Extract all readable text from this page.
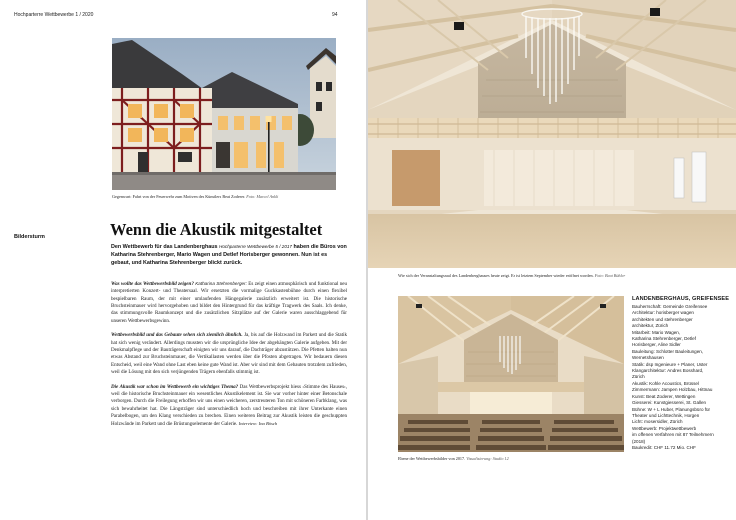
Hochparterre Wettbewerbe 1 / 2020	94
Gegenwart: Fahrt von der Feuerwehr zum Motiven des Künstlers Beat Zoderer. Foto: Marcel Ankli
Bildersturm	Wenn die Akustik mitgestaltet
Den Wettbewerb für das Landenberghaus Hochparterre Wettbewerbe 5 / 2017 haben die Büros von Katharina Stehrenberger, Mario Wagen und Detlef Horisberger gewonnen. Nun ist es gebaut, und Katharina Stehrenberger blickt zurück.

Was wollte das Wettbewerbsbild zeigen? Katharina Stehrenberger: Es zeigt einen atmosphärisch und funktional neu interpretierten Konzert- und Theatersaal. Wir ersetzten die vormalige Guckkastenbühne durch einen flexibel bespielbaren Raum, der mit einer umlaufenden Hängegalerie zusätzlich erweitert ist. Die historische Bruchsteinmauer wird hervorgehoben und bildet den Hintergrund für das kräftige Tragwerk des Saals. Ich denke, das stimmungsvolle Raumkonzept und die zusätzlichen Sitzplätze auf der Galerie waren ausschlaggebend für unseren Wettbewerbsgewinn.

Wettbewerbsbild und das Gebaute sehen sich ziemlich ähnlich. Ja, bis auf die Holzwand im Parkett und die Statik hat sich wenig verändert. Allerdings mussten wir die ursprüngliche Idee der abgehängten Galerie aufgeben. Mit der Denkmalpflege und der Bauträgerschaft einigten wir uns darauf, die Dachträger abzustützen. Die Pfetten halten nun etwas Abstand zur Bruchsteinmauer, die Vertikallasten werden über die Pfosten abgetragen. Wir bedauern diesen Entscheid, weil eine Wand ohne Last eben keine gute Wand ist. Aber wir sind mit dem Gebauten trotzdem zufrieden, weil die Lösung mit den sich verjüngenden Trägern ebenfalls stimmig ist.

Die Akustik war schon im Wettbewerb ein wichtiges Thema? Das Wettbewerbsprojekt hiess ‹Stimme des Hauses›, weil die historische Bruchsteinmauer ein wesentliches Akustikelement ist. Sie war vorher hinter einer Betonschale verborgen. Durch die Freilegung erhoffen wir uns einen weicheren, zerstreuteren Ton mit schöneren Farbklang, was sich bewahrheitet hat. Die Längsträger sind unterschiedlich hoch und beschreiben mit ihrer Unterkante einen Parabelbogen, um den Klang verschieden zu brechen. Einen weiteren Beitrag zur Akustik leisten die geschuppten Holzwände im Parkett und die Brüstungselemente der Galerie. Interview: Ina Bösch

Wie sich der Veranstaltungsraal des Landenberghauses heute zeigt. Er ist letztem September wieder eröffnet worden. Foto: Beat Bühler
Ebene der Wettbewerbsbilder von 2017. Visualisierung: Studio 12
LANDENBERGHAUS, GREIFENSEE
Bauherrschaft: Gemeinde Greifensee
Architektur: horisberger wagen
architekten und stehrenberger
architektur, Zürich
Mitarbeit: Mario Wagen,
Katharina Stehrenberger, Detlef
Horisberger, Aline Sidler
Bauleitung: Schlotter Bauleitungen,
Wernetshausen
Statik: dsp Ingenieure + Planer, Uster
Klangarchitektur: Andres Bosshard,
Zürich
Akustik: Kohle Acoustics, Brüssel
Zimmermann: Jampen Holzbau, Hittnau
Kunst: Beat Zoderer, Wettingen
Giesserei: Kunstgiesserei, St. Gallen
Bühne: W + L Huber, Planungsbüro für
Theater und Lichttechnik, Horgen
Licht: mosersidler, Zürich
Wettbewerb: Projektwettbewerb
im offenen Verfahren mit 87 Teilnehmern
(2018)
Baukredit: CHF 11.72 Mio. CHF
